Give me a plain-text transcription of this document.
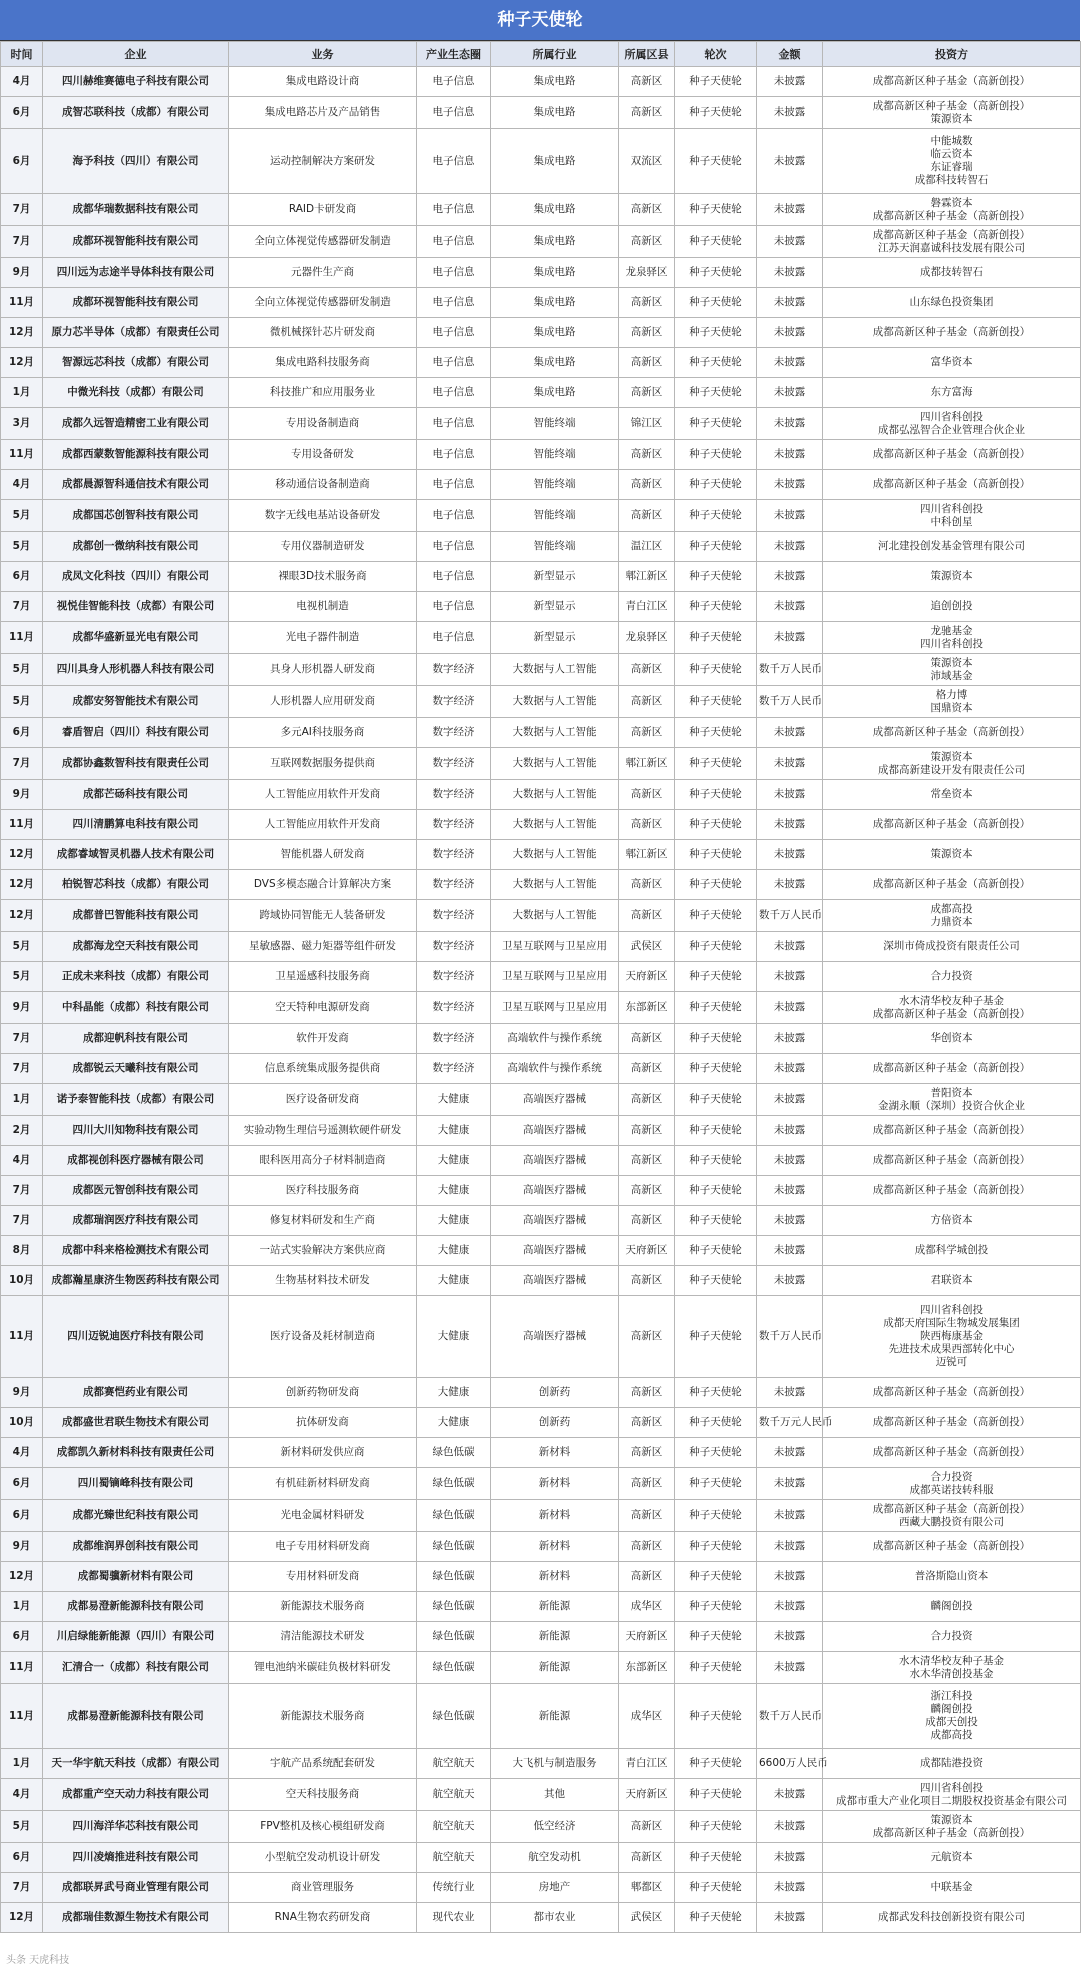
种子天使轮
时间	企业	业务	产业生态圈	所属行业	所属区县	轮次	金额	投资方
4月	四川赫维赛德电子科技有限公司	集成电路设计商	电子信息	集成电路	高新区	种子天使轮	未披露	成都高新区种子基金（高新创投）
6月	成智芯联科技（成都）有限公司	集成电路芯片及产品销售	电子信息	集成电路	高新区	种子天使轮	未披露	成都高新区种子基金（高新创投）
策源资本
6月	海予科技（四川）有限公司	运动控制解决方案研发	电子信息	集成电路	双流区	种子天使轮	未披露	中能城数
临云资本
东证睿瑞
成都科技转智石
7月	成都华瑞数据科技有限公司	RAID卡研发商	电子信息	集成电路	高新区	种子天使轮	未披露	磐霖资本
成都高新区种子基金（高新创投）
7月	成都环视智能科技有限公司	全向立体视觉传感器研发制造	电子信息	集成电路	高新区	种子天使轮	未披露	成都高新区种子基金（高新创投）
江苏天润嘉诚科技发展有限公司
9月	四川远为志途半导体科技有限公司	元器件生产商	电子信息	集成电路	龙泉驿区	种子天使轮	未披露	成都技转智石
11月	成都环视智能科技有限公司	全向立体视觉传感器研发制造	电子信息	集成电路	高新区	种子天使轮	未披露	山东绿色投资集团
12月	原力芯半导体（成都）有限责任公司	微机械探针芯片研发商	电子信息	集成电路	高新区	种子天使轮	未披露	成都高新区种子基金（高新创投）
12月	智源远芯科技（成都）有限公司	集成电路科技服务商	电子信息	集成电路	高新区	种子天使轮	未披露	富华资本
1月	中微光科技（成都）有限公司	科技推广和应用服务业	电子信息	集成电路	高新区	种子天使轮	未披露	东方富海
3月	成都久远智造精密工业有限公司	专用设备制造商	电子信息	智能终端	锦江区	种子天使轮	未披露	四川省科创投
成都弘泓智合企业管理合伙企业
11月	成都西蒙数智能源科技有限公司	专用设备研发	电子信息	智能终端	高新区	种子天使轮	未披露	成都高新区种子基金（高新创投）
4月	成都晨源智科通信技术有限公司	移动通信设备制造商	电子信息	智能终端	高新区	种子天使轮	未披露	成都高新区种子基金（高新创投）
5月	成都国芯创智科技有限公司	数字无线电基站设备研发	电子信息	智能终端	高新区	种子天使轮	未披露	四川省科创投
中科创星
5月	成都创一微纳科技有限公司	专用仪器制造研发	电子信息	智能终端	温江区	种子天使轮	未披露	河北建投创发基金管理有限公司
6月	成凤文化科技（四川）有限公司	裸眼3D技术服务商	电子信息	新型显示	郫江新区	种子天使轮	未披露	策源资本
7月	视悦佳智能科技（成都）有限公司	电视机制造	电子信息	新型显示	青白江区	种子天使轮	未披露	追创创投
11月	成都华盛新显光电有限公司	光电子器件制造	电子信息	新型显示	龙泉驿区	种子天使轮	未披露	龙驰基金
四川省科创投
5月	四川具身人形机器人科技有限公司	具身人形机器人研发商	数字经济	大数据与人工智能	高新区	种子天使轮	数千万人民币	策源资本
沛域基金
5月	成都安努智能技术有限公司	人形机器人应用研发商	数字经济	大数据与人工智能	高新区	种子天使轮	数千万人民币	格力博
国鼎资本
6月	睿盾智启（四川）科技有限公司	多元AI科技服务商	数字经济	大数据与人工智能	高新区	种子天使轮	未披露	成都高新区种子基金（高新创投）
7月	成都协鑫数智科技有限责任公司	互联网数据服务提供商	数字经济	大数据与人工智能	郫江新区	种子天使轮	未披露	策源资本
成都高新建设开发有限责任公司
9月	成都芒砀科技有限公司	人工智能应用软件开发商	数字经济	大数据与人工智能	高新区	种子天使轮	未披露	常垒资本
11月	四川清鹏算电科技有限公司	人工智能应用软件开发商	数字经济	大数据与人工智能	高新区	种子天使轮	未披露	成都高新区种子基金（高新创投）
12月	成都睿域智灵机器人技术有限公司	智能机器人研发商	数字经济	大数据与人工智能	郫江新区	种子天使轮	未披露	策源资本
12月	柏锐智芯科技（成都）有限公司	DVS多模态融合计算解决方案	数字经济	大数据与人工智能	高新区	种子天使轮	未披露	成都高新区种子基金（高新创投）
12月	成都普巴智能科技有限公司	跨域协同智能无人装备研发	数字经济	大数据与人工智能	高新区	种子天使轮	数千万人民币	成都高投
力鼎资本
5月	成都海龙空天科技有限公司	星敏感器、磁力矩器等组件研发	数字经济	卫星互联网与卫星应用	武侯区	种子天使轮	未披露	深圳市倚成投资有限责任公司
5月	正成未来科技（成都）有限公司	卫星遥感科技服务商	数字经济	卫星互联网与卫星应用	天府新区	种子天使轮	未披露	合力投资
9月	中科晶能（成都）科技有限公司	空天特种电源研发商	数字经济	卫星互联网与卫星应用	东部新区	种子天使轮	未披露	水木清华校友种子基金
成都高新区种子基金（高新创投）
7月	成都迎帆科技有限公司	软件开发商	数字经济	高端软件与操作系统	高新区	种子天使轮	未披露	华创资本
7月	成都锐云天曦科技有限公司	信息系统集成服务提供商	数字经济	高端软件与操作系统	高新区	种子天使轮	未披露	成都高新区种子基金（高新创投）
1月	诺予泰智能科技（成都）有限公司	医疗设备研发商	大健康	高端医疗器械	高新区	种子天使轮	未披露	普阳资本
金湖永顺（深圳）投资合伙企业
2月	四川大川知物科技有限公司	实验动物生理信号遥测软硬件研发	大健康	高端医疗器械	高新区	种子天使轮	未披露	成都高新区种子基金（高新创投）
4月	成都视创科医疗器械有限公司	眼科医用高分子材料制造商	大健康	高端医疗器械	高新区	种子天使轮	未披露	成都高新区种子基金（高新创投）
7月	成都医元智创科技有限公司	医疗科技服务商	大健康	高端医疗器械	高新区	种子天使轮	未披露	成都高新区种子基金（高新创投）
7月	成都瑞润医疗科技有限公司	修复材料研发和生产商	大健康	高端医疗器械	高新区	种子天使轮	未披露	方倍资本
8月	成都中科来格检测技术有限公司	一站式实验解决方案供应商	大健康	高端医疗器械	天府新区	种子天使轮	未披露	成都科学城创投
10月	成都瀚星康济生物医药科技有限公司	生物基材料技术研发	大健康	高端医疗器械	高新区	种子天使轮	未披露	君联资本
11月	四川迈锐迪医疗科技有限公司	医疗设备及耗材制造商	大健康	高端医疗器械	高新区	种子天使轮	数千万人民币	四川省科创投
成都天府国际生物城发展集团
陕西梅康基金
先进技术成果西部转化中心
迈锐可
9月	成都赛恺药业有限公司	创新药物研发商	大健康	创新药	高新区	种子天使轮	未披露	成都高新区种子基金（高新创投）
10月	成都盛世君联生物技术有限公司	抗体研发商	大健康	创新药	高新区	种子天使轮	数千万元人民币	成都高新区种子基金（高新创投）
4月	成都凯久新材料科技有限责任公司	新材料研发供应商	绿色低碳	新材料	高新区	种子天使轮	未披露	成都高新区种子基金（高新创投）
6月	四川蜀镝峰科技有限公司	有机硅新材料研发商	绿色低碳	新材料	高新区	种子天使轮	未披露	合力投资
成都英诺技转科服
6月	成都光臻世纪科技有限公司	光电金属材料研发	绿色低碳	新材料	高新区	种子天使轮	未披露	成都高新区种子基金（高新创投）
西藏大鹏投资有限公司
9月	成都维润界创科技有限公司	电子专用材料研发商	绿色低碳	新材料	高新区	种子天使轮	未披露	成都高新区种子基金（高新创投）
12月	成都蜀骥新材料有限公司	专用材料研发商	绿色低碳	新材料	高新区	种子天使轮	未披露	普洛斯隐山资本
1月	成都易澄新能源科技有限公司	新能源技术服务商	绿色低碳	新能源	成华区	种子天使轮	未披露	麟阁创投
6月	川启绿能新能源（四川）有限公司	清洁能源技术研发	绿色低碳	新能源	天府新区	种子天使轮	未披露	合力投资
11月	汇清合一（成都）科技有限公司	锂电池纳米碳硅负极材料研发	绿色低碳	新能源	东部新区	种子天使轮	未披露	水木清华校友种子基金
水木华清创投基金
11月	成都易澄新能源科技有限公司	新能源技术服务商	绿色低碳	新能源	成华区	种子天使轮	数千万人民币	浙江科投
麟阁创投
成都天创投
成都高投
1月	天一华宇航天科技（成都）有限公司	宇航产品系统配套研发	航空航天	大飞机与制造服务	青白江区	种子天使轮	6600万人民币	成都陆港投资
4月	成都重产空天动力科技有限公司	空天科技服务商	航空航天	其他	天府新区	种子天使轮	未披露	四川省科创投
成都市重大产业化项目二期股权投资基金有限公司
5月	四川海洋华芯科技有限公司	FPV整机及核心模组研发商	航空航天	低空经济	高新区	种子天使轮	未披露	策源资本
成都高新区种子基金（高新创投）
6月	四川凌熵推进科技有限公司	小型航空发动机设计研发	航空航天	航空发动机	高新区	种子天使轮	未披露	元航资本
7月	成都联昇武号商业管理有限公司	商业管理服务	传统行业	房地产	郫都区	种子天使轮	未披露	中联基金
12月	成都瑞佳数源生物技术有限公司	RNA生物农药研发商	现代农业	都市农业	武侯区	种子天使轮	未披露	成都武发科技创新投资有限公司
头条 天虎科技
